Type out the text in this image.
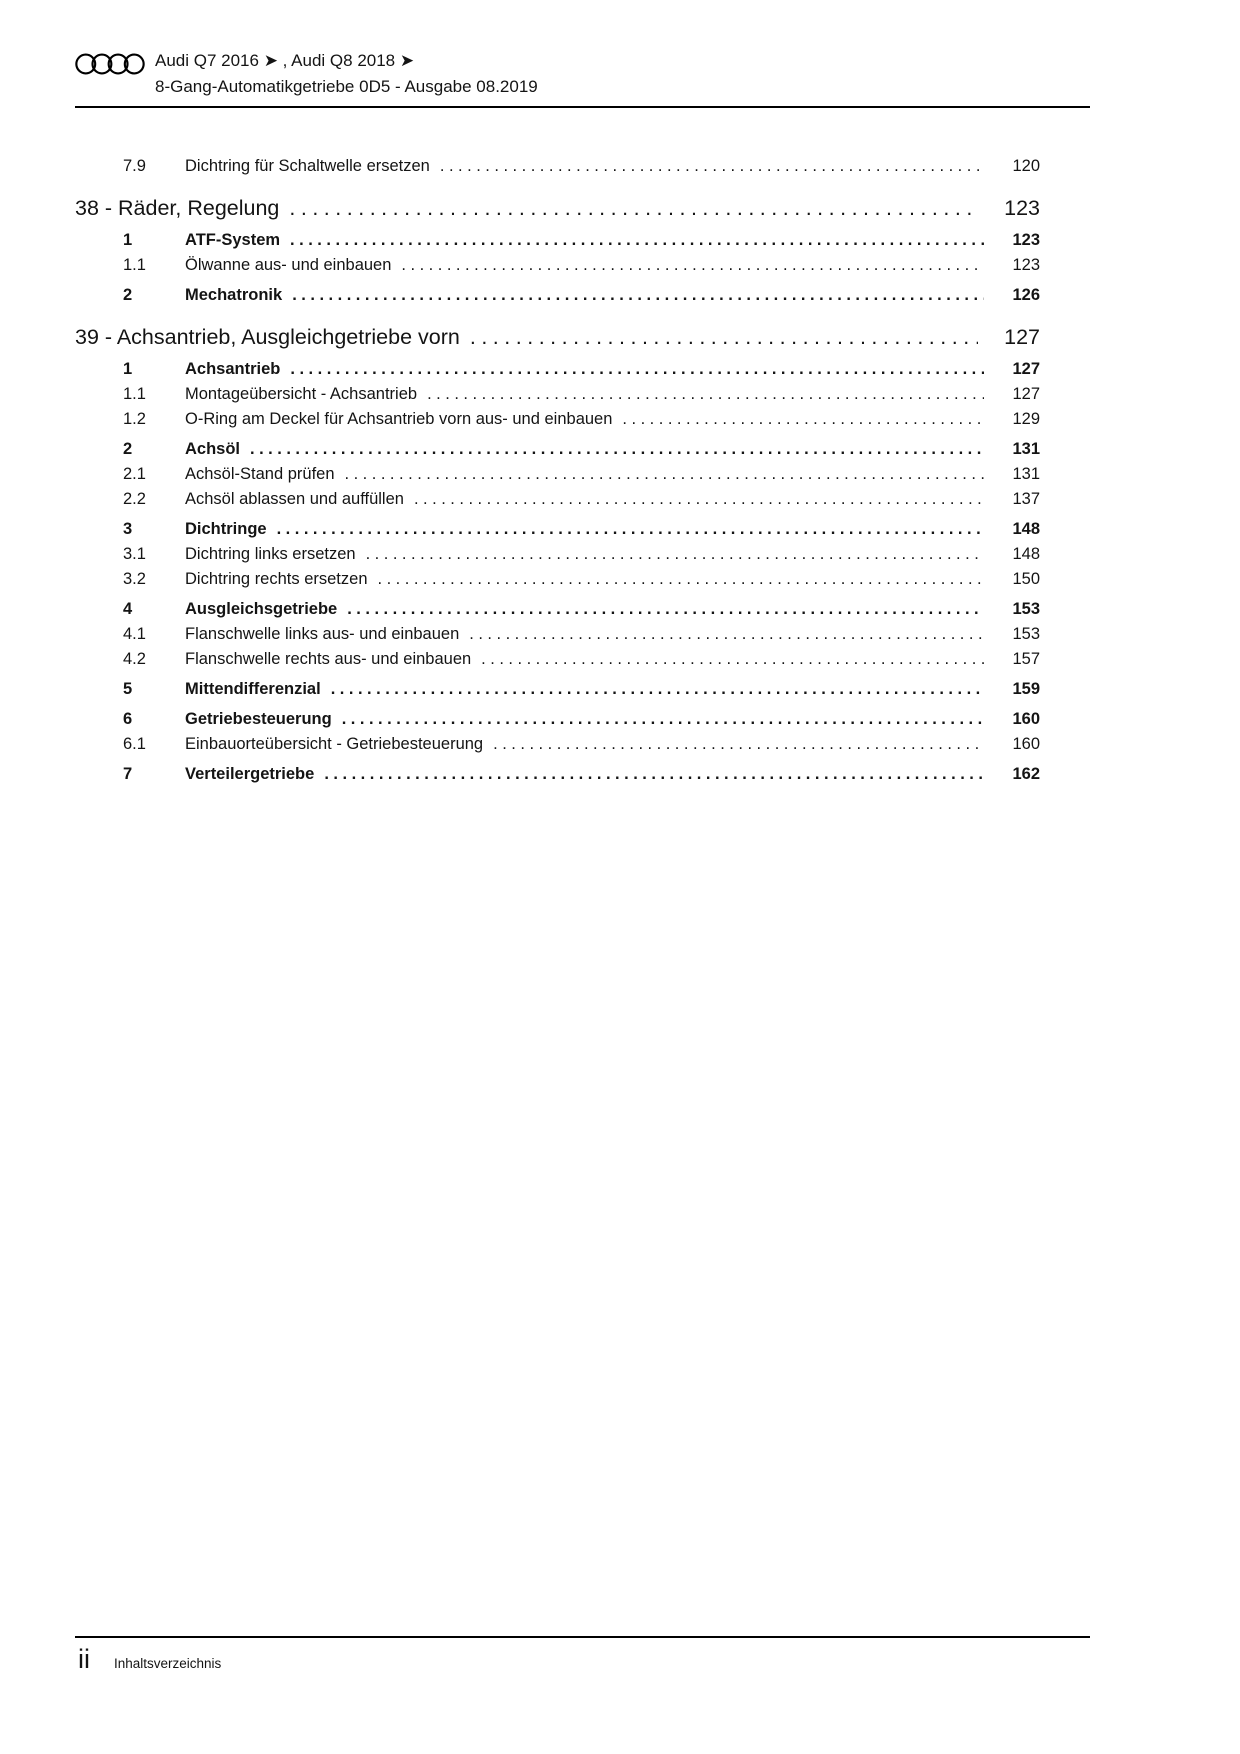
Audi Q7 2016 ➤ , Audi Q8 2018 ➤
8-Gang-Automatikgetriebe 0D5 - Ausgabe 08.2019
7.9	Dichtring für Schaltwelle ersetzen .....	120
38 - Räder, Regelung .....	123
1	ATF-System .....	123
1.1	Ölwanne aus- und einbauen .....	123
2	Mechatronik .....	126
39 - Achsantrieb, Ausgleichgetriebe vorn .....	127
1	Achsantrieb .....	127
1.1	Montageübersicht - Achsantrieb .....	127
1.2	O-Ring am Deckel für Achsantrieb vorn aus- und einbauen .....	129
2	Achsöl .....	131
2.1	Achsöl-Stand prüfen .....	131
2.2	Achsöl ablassen und auffüllen .....	137
3	Dichtringe .....	148
3.1	Dichtring links ersetzen .....	148
3.2	Dichtring rechts ersetzen .....	150
4	Ausgleichsgetriebe .....	153
4.1	Flanschwelle links aus- und einbauen .....	153
4.2	Flanschwelle rechts aus- und einbauen .....	157
5	Mittendifferenzial .....	159
6	Getriebesteuerung .....	160
6.1	Einbauorteübersicht - Getriebesteuerung .....	160
7	Verteilergetriebe .....	162
ii Inhaltsverzeichnis
